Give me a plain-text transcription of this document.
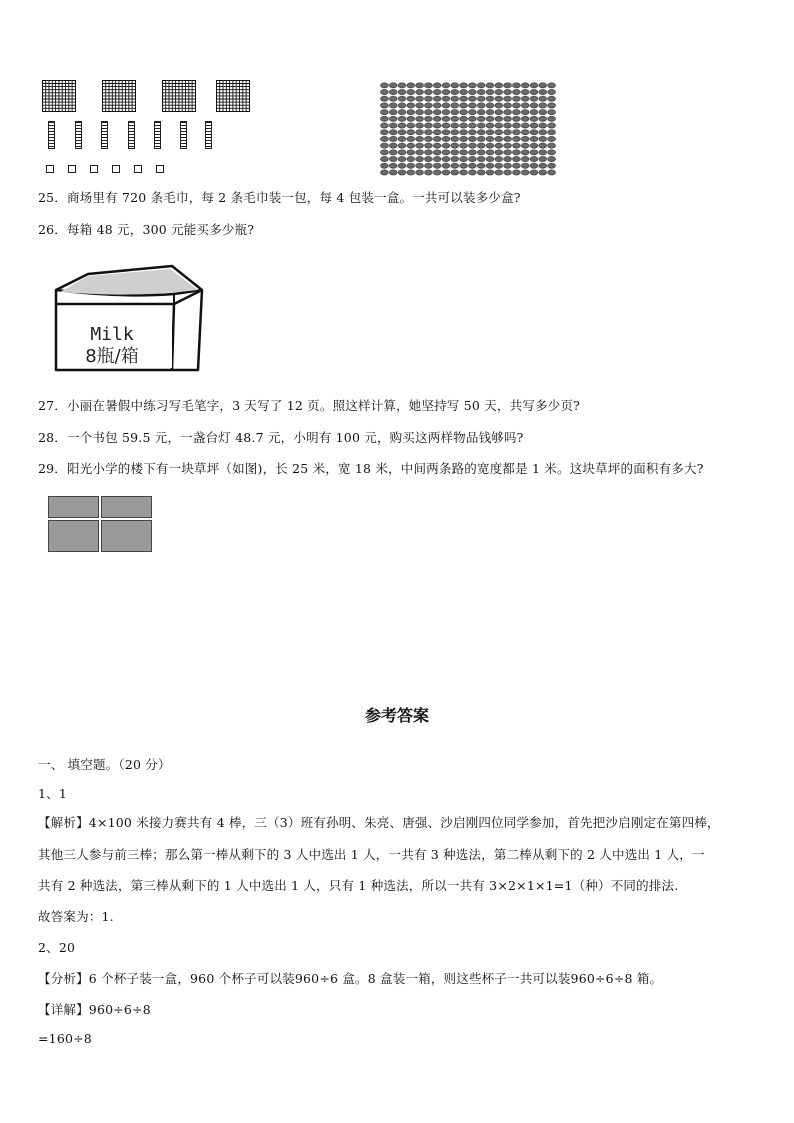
25．商场里有 720 条毛巾，每 2 条毛巾装一包，每 4 包装一盒。一共可以装多少盒?
26．每箱 48 元，300 元能买多少瓶?
Milk
8瓶/箱
27．小丽在暑假中练习写毛笔字，3 天写了 12 页。照这样计算，她坚持写 50 天，共写多少页?
28．一个书包 59.5 元，一盏台灯 48.7 元，小明有 100 元，购买这两样物品钱够吗?
29．阳光小学的楼下有一块草坪（如图)，长 25 米，宽 18 米，中间两条路的宽度都是 1 米。这块草坪的面积有多大?
参考答案
一、 填空题。（20 分）
1、1
【解析】4×100 米接力赛共有 4 棒，三（3）班有孙明、朱亮、唐强、沙启刚四位同学参加，首先把沙启刚定在第四棒，
其他三人参与前三棒；那么第一棒从剩下的 3 人中选出 1 人，一共有 3 种选法，第二棒从剩下的 2 人中选出 1 人，一
共有 2 种选法，第三棒从剩下的 1 人中选出 1 人，只有 1 种选法，所以一共有 3×2×1×1=1（种）不同的排法.
故答案为：1.
2、20
【分析】6 个杯子装一盒，960 个杯子可以装960÷6 盒。8 盒装一箱，则这些杯子一共可以装960÷6÷8 箱。
【详解】960÷6÷8
=160÷8
